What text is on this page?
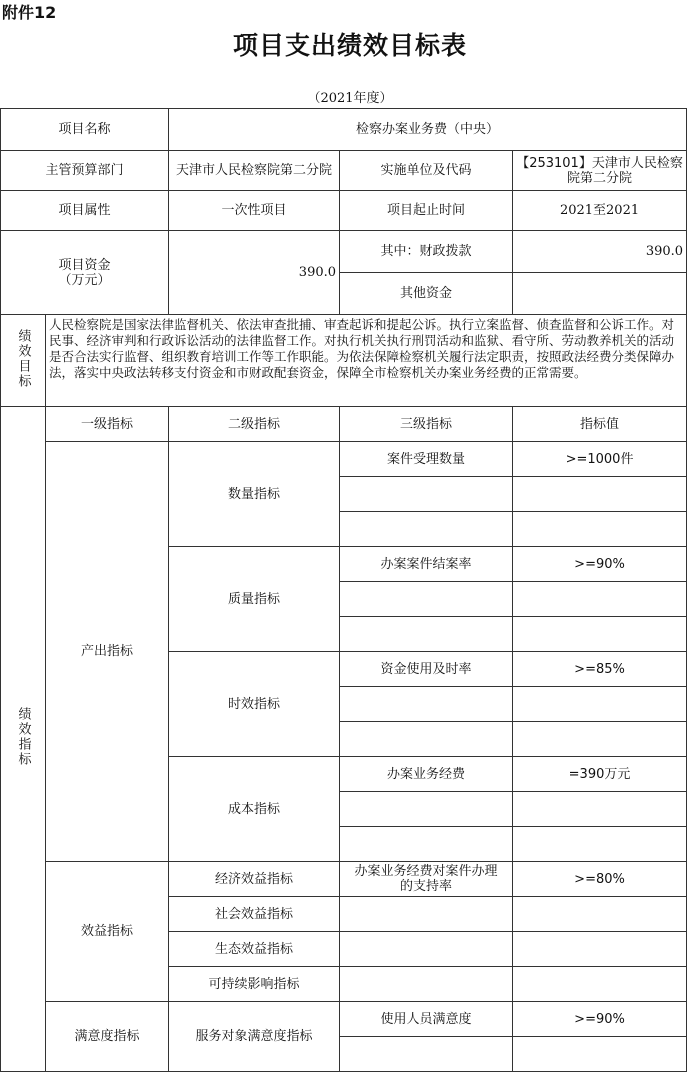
附件12
项目支出绩效目标表
（2021年度）
项目名称		检察办案业务费（中央）		
主管预算部门		天津市人民检察院第二分院	实施单位及代码	【253101】天津市人民检察院第二分院
项目属性		一次性项目	项目起止时间	2021至2021

项目资金（万元）		390.0	其中：财政拨款	390.0
			其他资金	
绩效目标	人民检察院是国家法律监督机关、依法审查批捕、审查起诉和提起公诉。执行立案监督、侦查监督和公诉工作。对民事、经济审判和行政诉讼活动的法律监督工作。对执行机关执行刑罚活动和监狱、看守所、劳动教养机关的活动是否合法实行监督、组织教育培训工作等工作职能。为依法保障检察机关履行法定职责，按照政法经费分类保障办法，落实中央政法转移支付资金和市财政配套资金，保障全市检察机关办案业务经费的正常需要。			
绩效指标	一级指标	二级指标	三级指标	指标值
	产出指标	数量指标	案件受理数量	>=1000件

		质量指标	办案案件结案率	>=90%

		时效指标	资金使用及时率	>=85%

		成本指标	办案业务经费	=390万元

	效益指标	经济效益指标	办案业务经费对案件办理的支持率	>=80%
		社会效益指标		
		生态效益指标		
		可持续影响指标		
	满意度指标	服务对象满意度指标	使用人员满意度	>=90%
